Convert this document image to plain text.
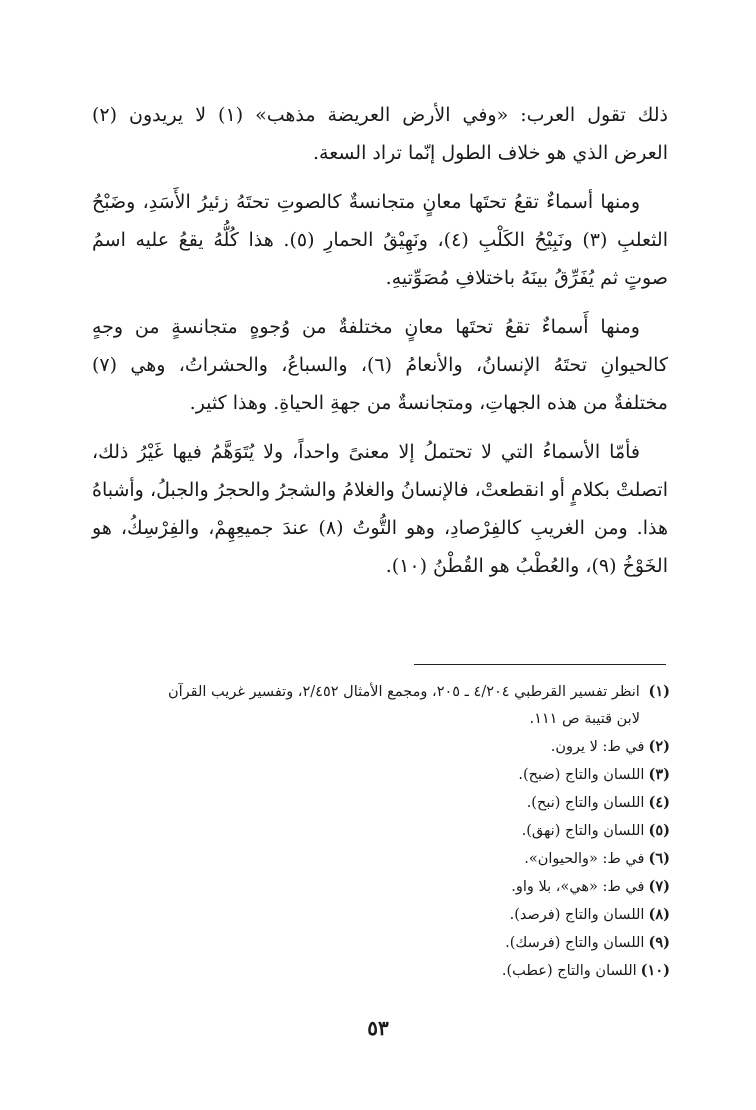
ذلك تقول العرب: «وفي الأرض العريضة مذهب» (١) لا يريدون (٢) العرض الذي هو خلاف الطول إنّما تراد السعة.

ومنها أسماءٌ تقعُ تحتَها معانٍ متجانسةٌ كالصوتِ تحتَهُ زئيرُ الأَسَدِ، وضَبْحُ الثعلبِ (٣) ونَبِيْحُ الكَلْبِ (٤)، ونَهِيْقُ الحمارِ (٥). هذا كُلُّهُ يقعُ عليه اسمُ صوتٍ ثم يُفَرِّقُ بينَهُ باختلافِ مُصَوِّتيهِ.

ومنها أَسماءٌ تقعُ تحتَها معانٍ مختلفةٌ من وُجوهٍ متجانسةٍ من وجهٍ كالحيوانِ تحتَهُ الإنسانُ، والأنعامُ (٦)، والسباعُ، والحشراتُ، وهي (٧) مختلفةٌ من هذه الجهاتِ، ومتجانسةٌ من جهةِ الحياةِ. وهذا كثير.

فأمّا الأسماءُ التي لا تحتملُ إلا معنىً واحداً، ولا يُتَوَهَّمُ فيها غَيْرُ ذلك، اتصلتْ بكلامٍ أو انقطعتْ، فالإنسانُ والغلامُ والشجرُ والحجرُ والجبلُ، وأشباهُ هذا. ومن الغريبِ كالفِرْصادِ، وهو التُّوتُ (٨) عندَ جميعِهِمْ، والفِرْسِكُ، هو الخَوْخُ (٩)، والعُطْبُ هو القُطْنُ (١٠).

(١) انظر تفسير القرطبي ٤/٢٠٤ ـ ٢٠٥، ومجمع الأمثال ٢/٤٥٢، وتفسير غريب القرآن
لابن قتيبة ص ١١١.
(٢)في ط: لا يرون.
(٣)اللسان والتاج (ضبح).
(٤)اللسان والتاج (نبح).
(٥)اللسان والتاج (نهق).
(٦)في ط: «والحيوان».
(٧)في ط: «هي»، بلا واو.
(٨)اللسان والتاج (فرصد).
(٩)اللسان والتاج (فرسك).
(١٠)اللسان والتاج (عطب).
٥٣
